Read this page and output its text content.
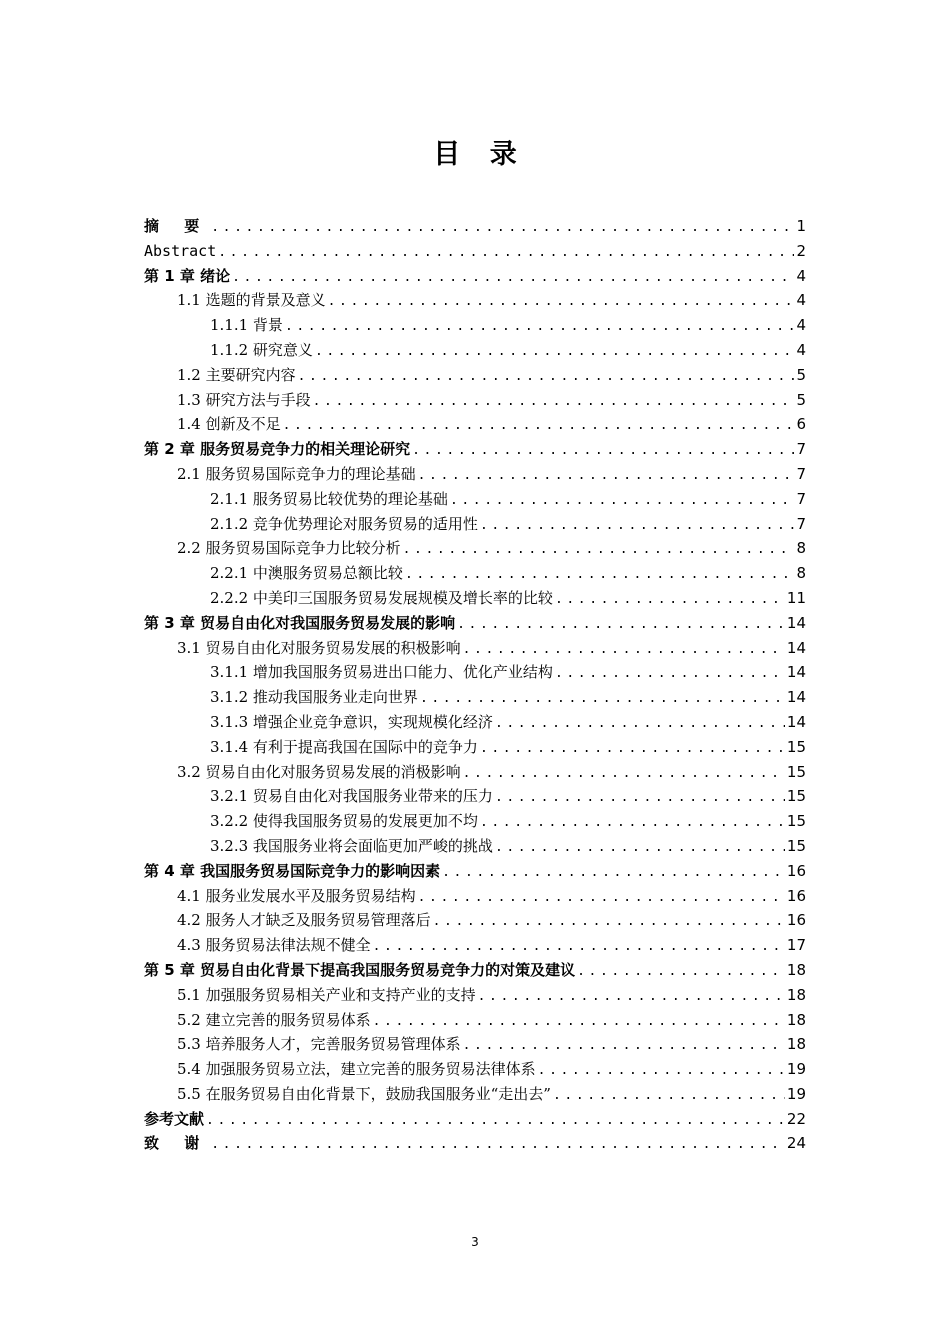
目 录
摘 要 .....	1
Abstract .....	2
第 1 章 绪论 .....	4
1.1 选题的背景及意义 .....	4
1.1.1 背景 .....	4
1.1.2 研究意义 .....	4
1.2 主要研究内容 .....	5
1.3 研究方法与手段 .....	5
1.4 创新及不足 .....	6
第 2 章 服务贸易竞争力的相关理论研究 .....	7
2.1 服务贸易国际竞争力的理论基础 .....	7
2.1.1 服务贸易比较优势的理论基础 .....	7
2.1.2 竞争优势理论对服务贸易的适用性 .....	7
2.2 服务贸易国际竞争力比较分析 .....	8
2.2.1 中澳服务贸易总额比较 .....	8
2.2.2 中美印三国服务贸易发展规模及增长率的比较 .....	11
第 3 章 贸易自由化对我国服务贸易发展的影响 .....	14
3.1 贸易自由化对服务贸易发展的积极影响 .....	14
3.1.1 增加我国服务贸易进出口能力、优化产业结构 .....	14
3.1.2 推动我国服务业走向世界 .....	14
3.1.3 增强企业竞争意识，实现规模化经济 .....	14
3.1.4 有利于提高我国在国际中的竞争力 .....	15
3.2 贸易自由化对服务贸易发展的消极影响 .....	15
3.2.1 贸易自由化对我国服务业带来的压力 .....	15
3.2.2 使得我国服务贸易的发展更加不均 .....	15
3.2.3 我国服务业将会面临更加严峻的挑战 .....	15
第 4 章 我国服务贸易国际竞争力的影响因素 .....	16
4.1 服务业发展水平及服务贸易结构 .....	16
4.2 服务人才缺乏及服务贸易管理落后 .....	16
4.3 服务贸易法律法规不健全 .....	17
第 5 章 贸易自由化背景下提高我国服务贸易竞争力的对策及建议 .....	18
5.1 加强服务贸易相关产业和支持产业的支持 .....	18
5.2 建立完善的服务贸易体系 .....	18
5.3 培养服务人才，完善服务贸易管理体系 .....	18
5.4 加强服务贸易立法，建立完善的服务贸易法律体系 .....	19
5.5 在服务贸易自由化背景下，鼓励我国服务业“走出去” .....	19
参考文献 .....	22
致 谢 .....	24
3
